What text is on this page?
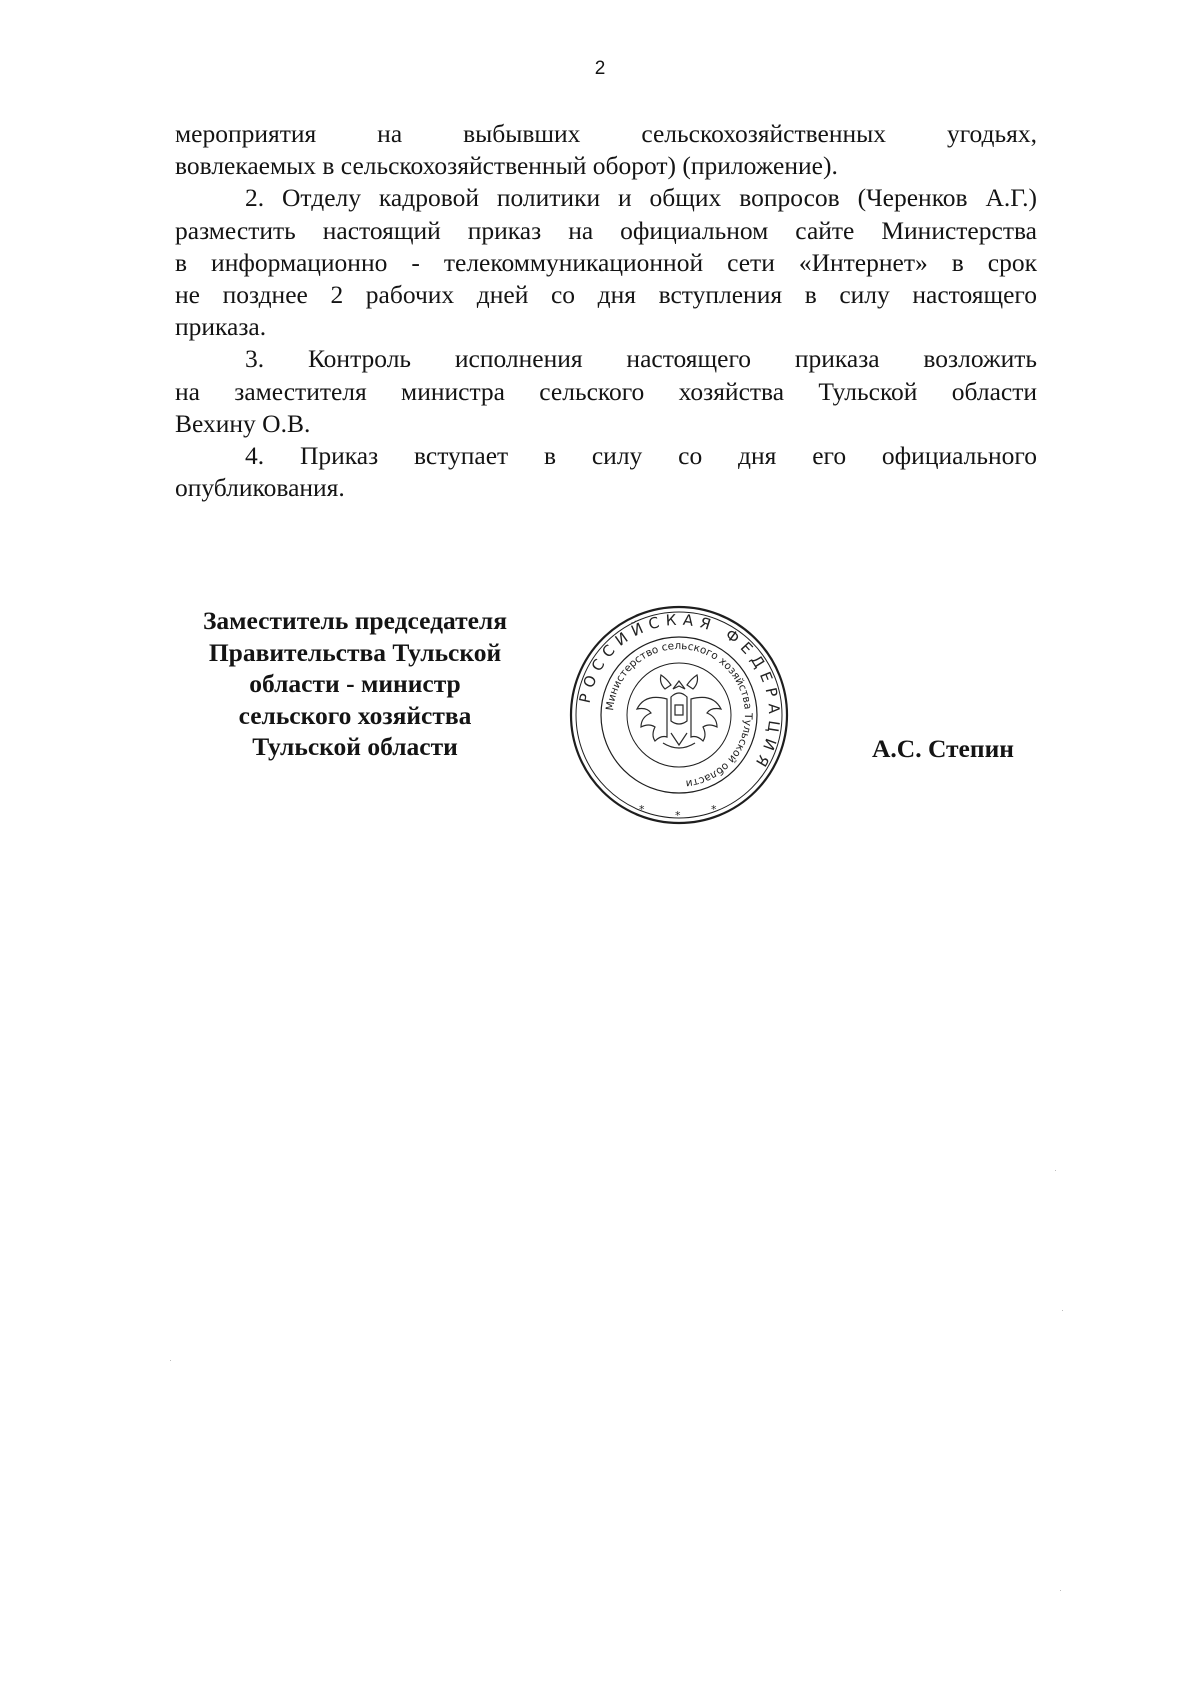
2

мероприятия на выбывших сельскохозяйственных угодьях,

вовлекаемых в сельскохозяйственный оборот) (приложение).

2. Отделу кадровой политики и общих вопросов (Черенков А.Г.)

разместить настоящий приказ на официальном сайте Министерства

в информационно - телекоммуникационной сети «Интернет» в срок

не позднее 2 рабочих дней со дня вступления в силу настоящего

приказа.

3. Контроль исполнения настоящего приказа возложить

на заместителя министра сельского хозяйства Тульской области

Вехину О.В.

4. Приказ вступает в силу со дня его официального

опубликования.

Заместитель председателя
Правительства Тульской
области - министр
сельского хозяйства
Тульской области
РОССИЙСКАЯ ФЕДЕРАЦИЯ
Министерство сельского хозяйства Тульской области
*	*	*
А.С. Степин
